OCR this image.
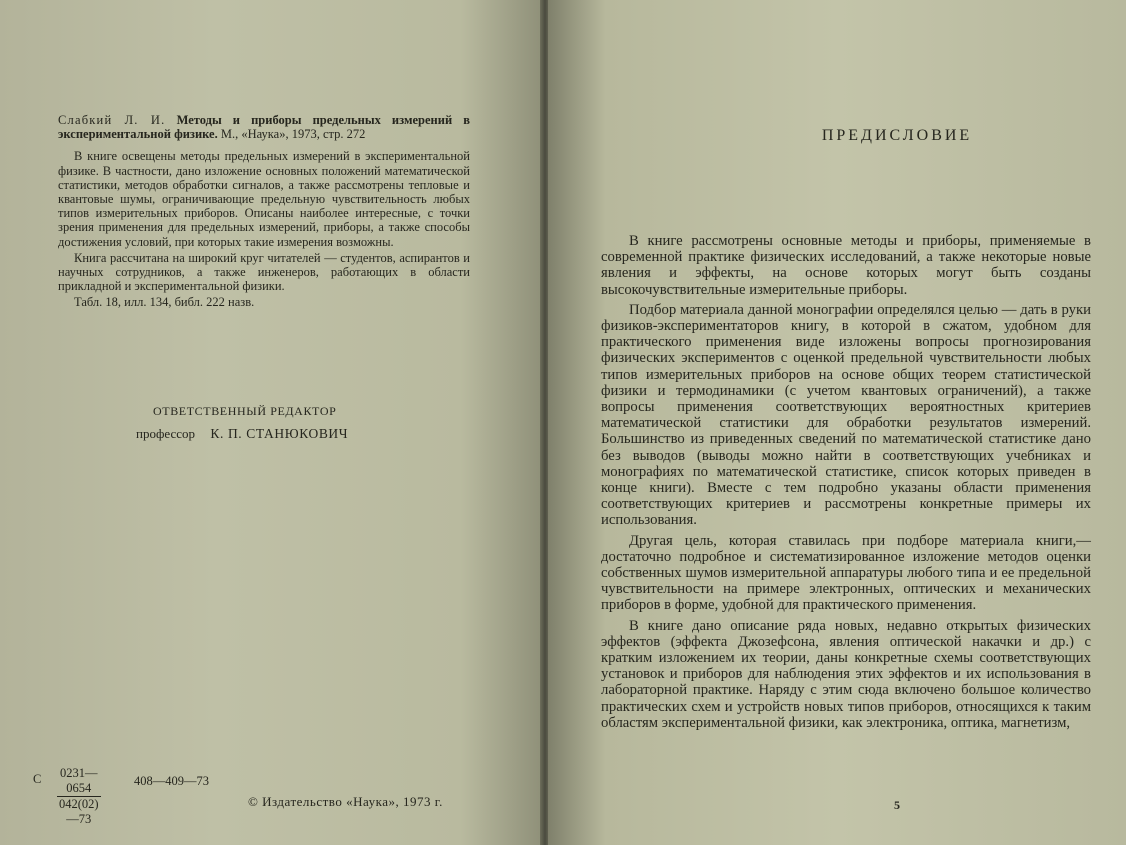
Слабкий Л. И. Методы и приборы предельных измерений в экспериментальной физике. М., «Наука», 1973, стр. 272

В книге освещены методы предельных измерений в экспериментальной физике. В частности, дано изложение основных положений математической статистики, методов обработки сигналов, а также рассмотрены тепловые и квантовые шумы, ограничивающие предельную чувствительность любых типов измерительных приборов. Описаны наиболее интересные, с точки зрения применения для предельных измерений, приборы, а также способы достижения условий, при которых такие измерения возможны.

Книга рассчитана на широкий круг читателей — студентов, аспирантов и научных сотрудников, а также инженеров, работающих в области прикладной и экспериментальной физики.

Табл. 18, илл. 134, библ. 222 назв.

ОТВЕТСТВЕННЫЙ РЕДАКТОР
профессор К. П. СТАНЮКОВИЧ
С $\frac{0231—0654}{042(02)—73}$	408—409—73
© Издательство «Наука», 1973 г.
ПРЕДИСЛОВИЕ

В книге рассмотрены основные методы и приборы, применяемые в современной практике физических исследований, а также некоторые новые явления и эффекты, на основе которых могут быть созданы высокочувствительные измерительные приборы.

Подбор материала данной монографии определялся целью — дать в руки физиков-экспериментаторов книгу, в которой в сжатом, удобном для практического применения виде изложены вопросы прогнозирования физических экспериментов с оценкой предельной чувствительности любых типов измерительных приборов на основе общих теорем статистической физики и термодинамики (с учетом квантовых ограничений), а также вопросы применения соответствующих вероятностных критериев математической статистики для обработки результатов измерений. Большинство из приведенных сведений по математической статистике дано без выводов (выводы можно найти в соответствующих учебниках и монографиях по математической статистике, список которых приведен в конце книги). Вместе с тем подробно указаны области применения соответствующих критериев и рассмотрены конкретные примеры их использования.

Другая цель, которая ставилась при подборе материала книги,— достаточно подробное и систематизированное изложение методов оценки собственных шумов измерительной аппаратуры любого типа и ее предельной чувствительности на примере электронных, оптических и механических приборов в форме, удобной для практического применения.

В книге дано описание ряда новых, недавно открытых физических эффектов (эффекта Джозефсона, явления оптической накачки и др.) с кратким изложением их теории, даны конкретные схемы соответствующих установок и приборов для наблюдения этих эффектов и их использования в лабораторной практике. Наряду с этим сюда включено большое количество практических схем и устройств новых типов приборов, относящихся к таким областям экспериментальной физики, как электроника, оптика, магнетизм,

5
